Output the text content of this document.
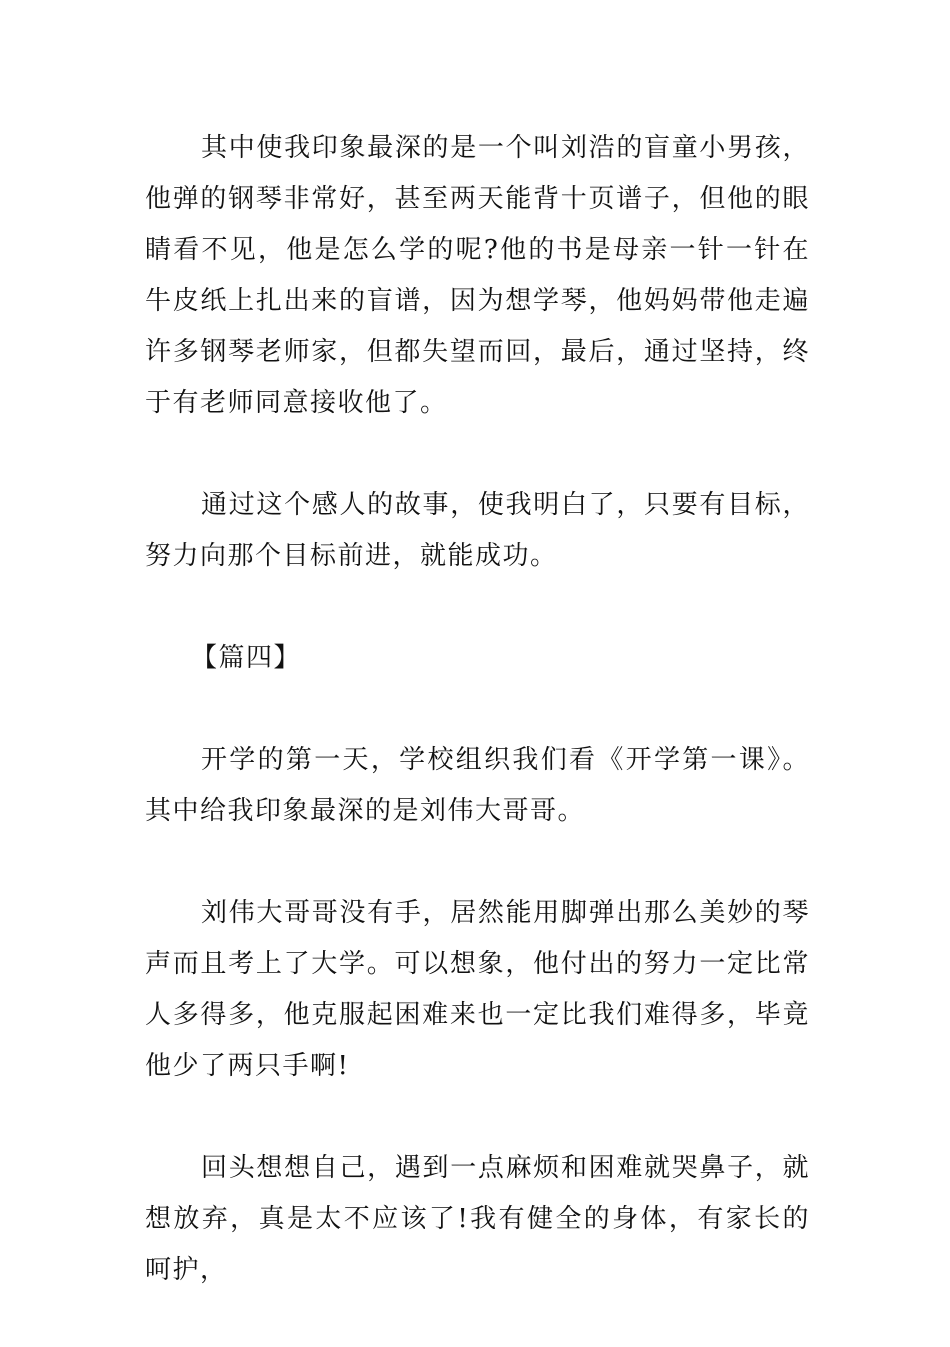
其中使我印象最深的是一个叫刘浩的盲童小男孩，他弹的钢琴非常好，甚至两天能背十页谱子，但他的眼睛看不见，他是怎么学的呢?他的书是母亲一针一针在牛皮纸上扎出来的盲谱，因为想学琴，他妈妈带他走遍许多钢琴老师家，但都失望而回，最后，通过坚持，终于有老师同意接收他了。

通过这个感人的故事，使我明白了，只要有目标，努力向那个目标前进，就能成功。

【篇四】

开学的第一天，学校组织我们看《开学第一课》。其中给我印象最深的是刘伟大哥哥。

刘伟大哥哥没有手，居然能用脚弹出那么美妙的琴声而且考上了大学。可以想象，他付出的努力一定比常人多得多，他克服起困难来也一定比我们难得多，毕竟他少了两只手啊!

回头想想自己，遇到一点麻烦和困难就哭鼻子，就想放弃，真是太不应该了!我有健全的身体，有家长的呵护，
